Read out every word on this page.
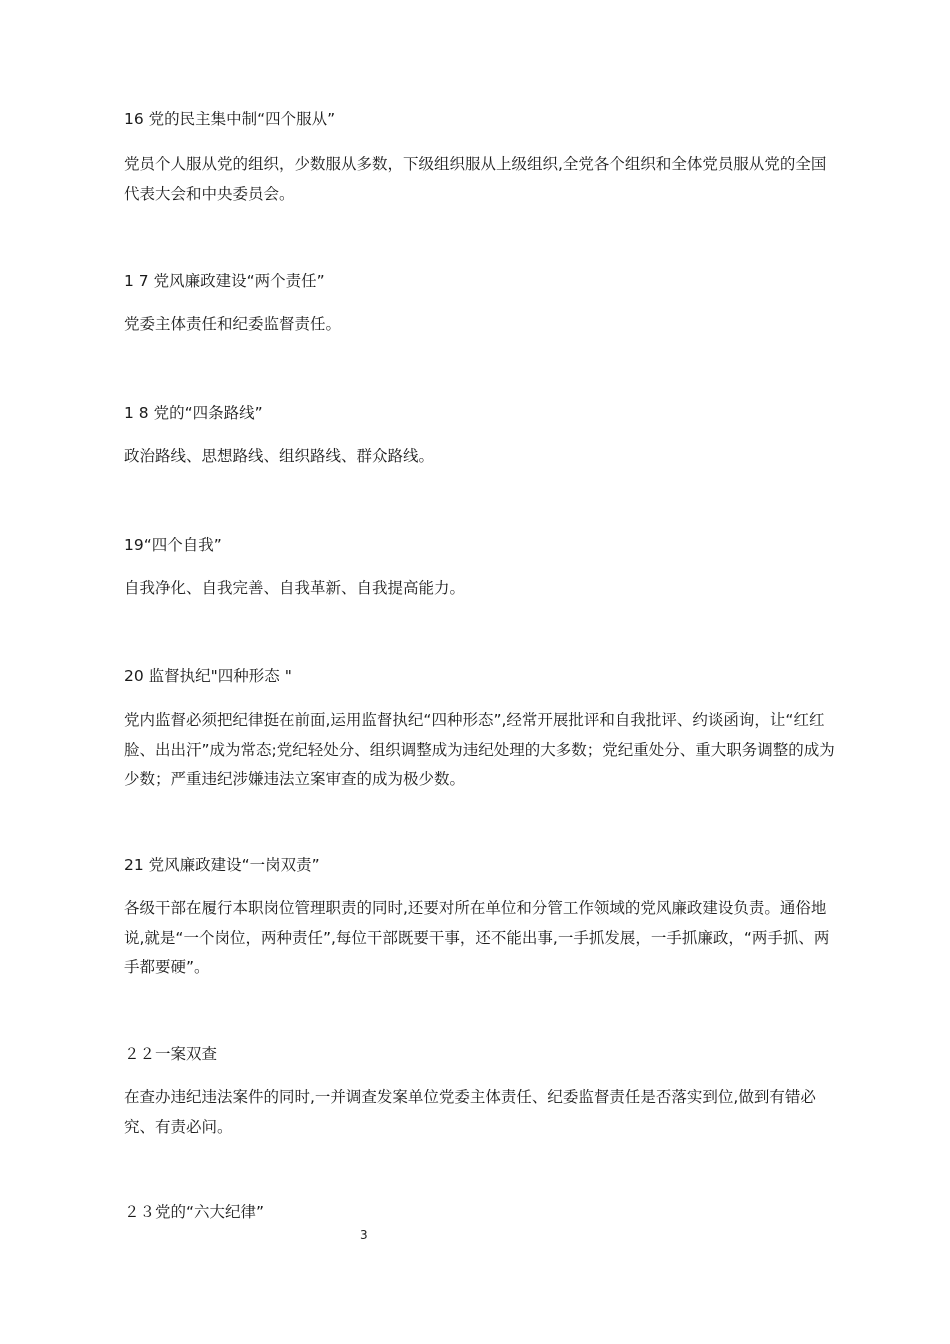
16 党的民主集中制“四个服从”

党员个人服从党的组织，少数服从多数，下级组织服从上级组织,全党各个组织和全体党员服从党的全国代表大会和中央委员会。

1 7 党风廉政建设“两个责任”

党委主体责任和纪委监督责任。

1 8 党的“四条路线”

政治路线、思想路线、组织路线、群众路线。

19“四个自我”

自我净化、自我完善、自我革新、自我提高能力。

20 监督执纪"四种形态 "

党内监督必须把纪律挺在前面,运用监督执纪“四种形态”,经常开展批评和自我批评、约谈函询，让“红红脸、出出汗”成为常态;党纪轻处分、组织调整成为违纪处理的大多数；党纪重处分、重大职务调整的成为少数；严重违纪涉嫌违法立案审查的成为极少数。

21 党风廉政建设“一岗双责”

各级干部在履行本职岗位管理职责的同时,还要对所在单位和分管工作领域的党风廉政建设负责。通俗地说,就是“一个岗位，两种责任”,每位干部既要干事，还不能出事,一手抓发展，一手抓廉政，“两手抓、两手都要硬”。

２２一案双查

在查办违纪违法案件的同时,一并调查发案单位党委主体责任、纪委监督责任是否落实到位,做到有错必究、有责必问。

２３党的“六大纪律”

3
